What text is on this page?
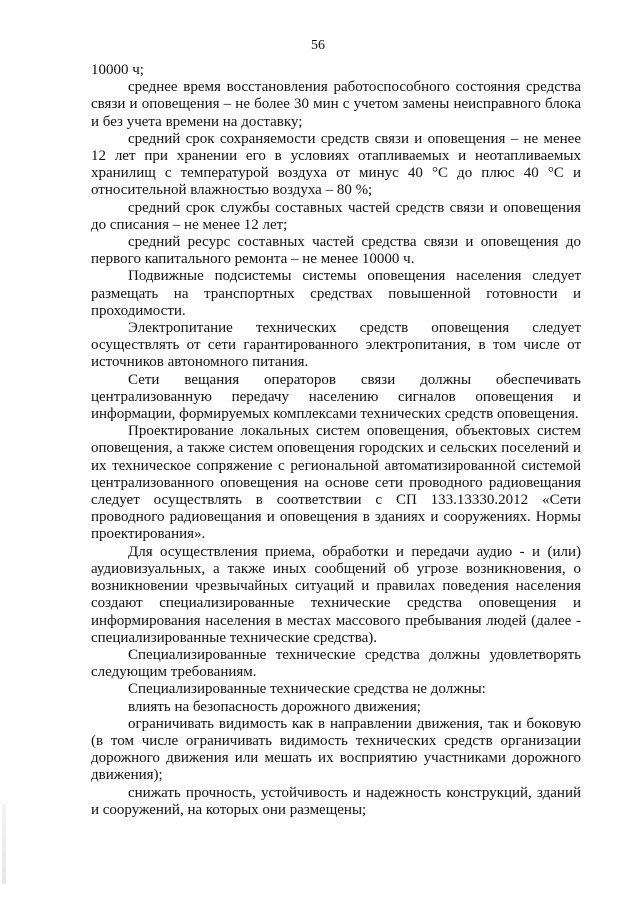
56

10000 ч;

среднее время восстановления работоспособного состояния средства связи и оповещения – не более 30 мин с учетом замены неисправного блока и без учета времени на доставку;

средний срок сохраняемости средств связи и оповещения – не менее 12 лет при хранении его в условиях отапливаемых и неотапливаемых хранилищ с температурой воздуха от минус 40 °С до плюс 40 °С и относительной влажностью воздуха – 80 %;

средний срок службы составных частей средств связи и оповещения до списания – не менее 12 лет;

средний ресурс составных частей средства связи и оповещения до первого капитального ремонта – не менее 10000 ч.

Подвижные подсистемы системы оповещения населения следует размещать на транспортных средствах повышенной готовности и проходимости.

Электропитание технических средств оповещения следует осуществлять от сети гарантированного электропитания, в том числе от источников автономного питания.

Сети вещания операторов связи должны обеспечивать централизованную передачу населению сигналов оповещения и информации, формируемых комплексами технических средств оповещения.

Проектирование локальных систем оповещения, объектовых систем оповещения, а также систем оповещения городских и сельских поселений и их техническое сопряжение с региональной автоматизированной системой централизованного оповещения на основе сети проводного радиовещания следует осуществлять в соответствии с СП 133.13330.2012 «Сети проводного радиовещания и оповещения в зданиях и сооружениях. Нормы проектирования».

Для осуществления приема, обработки и передачи аудио - и (или) аудиовизуальных, а также иных сообщений об угрозе возникновения, о возникновении чрезвычайных ситуаций и правилах поведения населения создают специализированные технические средства оповещения и информирования населения в местах массового пребывания людей (далее - специализированные технические средства).

Специализированные технические средства должны удовлетворять следующим требованиям.

Специализированные технические средства не должны:

влиять на безопасность дорожного движения;

ограничивать видимость как в направлении движения, так и боковую (в том числе ограничивать видимость технических средств организации дорожного движения или мешать их восприятию участниками дорожного движения);

снижать прочность, устойчивость и надежность конструкций, зданий и сооружений, на которых они размещены;
